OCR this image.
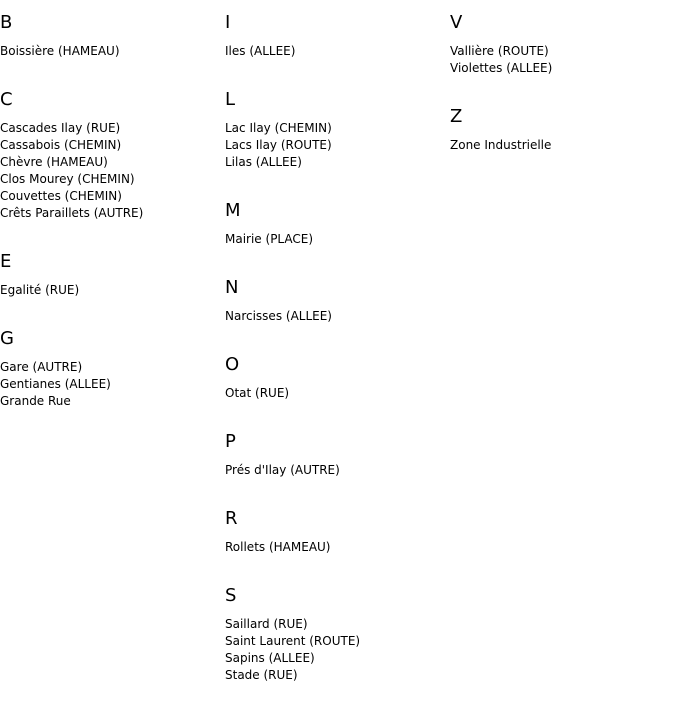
B
Boissière (HAMEAU)
C
Cascades Ilay (RUE)
Cassabois (CHEMIN)
Chèvre (HAMEAU)
Clos Mourey (CHEMIN)
Couvettes (CHEMIN)
Crêts Paraillets (AUTRE)
E
Egalité (RUE)
G
Gare (AUTRE)
Gentianes (ALLEE)
Grande Rue
I
Iles (ALLEE)
L
Lac Ilay (CHEMIN)
Lacs Ilay (ROUTE)
Lilas (ALLEE)
M
Mairie (PLACE)
N
Narcisses (ALLEE)
O
Otat (RUE)
P
Prés d'Ilay (AUTRE)
R
Rollets (HAMEAU)
S
Saillard (RUE)
Saint Laurent (ROUTE)
Sapins (ALLEE)
Stade (RUE)
V
Vallière (ROUTE)
Violettes (ALLEE)
Z
Zone Industrielle
